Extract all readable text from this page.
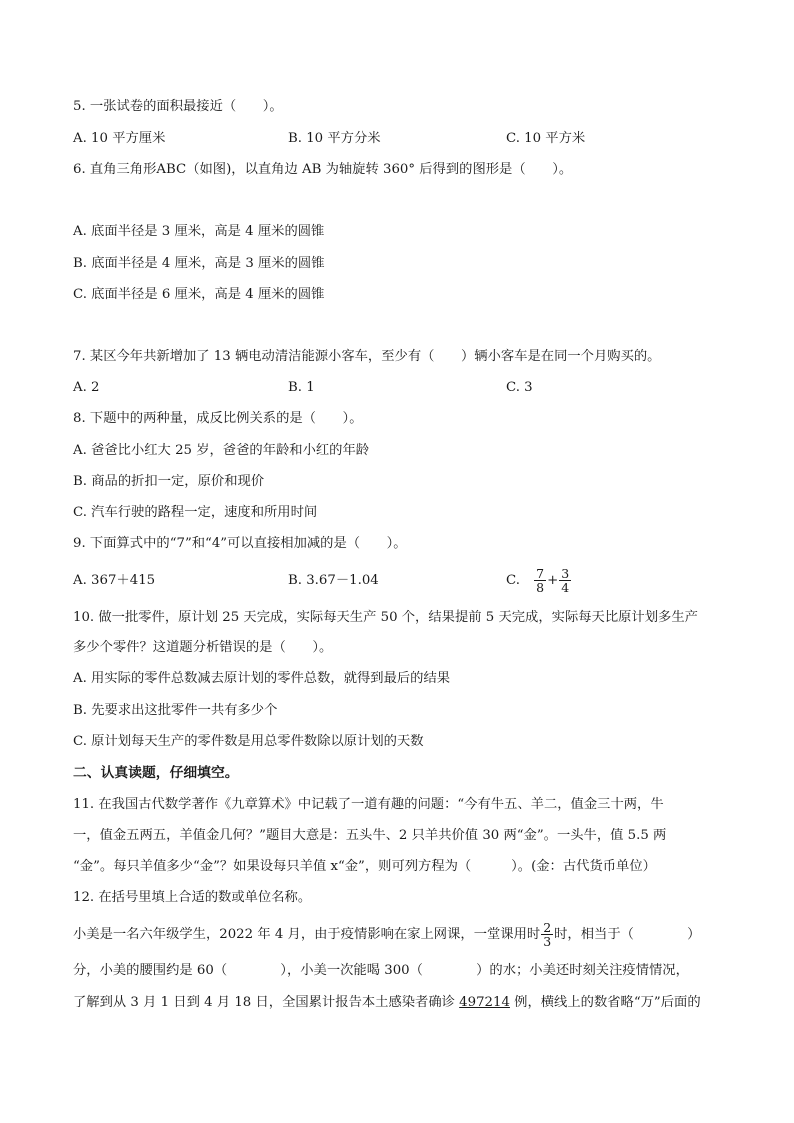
5. 一张试卷的面积最接近（　　）。
A. 10 平方厘米	B. 10 平方分米	C. 10 平方米
6. 直角三角形ABC（如图)，以直角边 AB 为轴旋转 360° 后得到的图形是（　　）。
A. 底面半径是 3 厘米，高是 4 厘米的圆锥
B. 底面半径是 4 厘米，高是 3 厘米的圆锥
C. 底面半径是 6 厘米，高是 4 厘米的圆锥
7. 某区今年共新增加了 13 辆电动清洁能源小客车，至少有（　　）辆小客车是在同一个月购买的。
A. 2	B. 1	C. 3
8. 下题中的两种量，成反比例关系的是（　　）。
A. 爸爸比小红大 25 岁，爸爸的年龄和小红的年龄
B. 商品的折扣一定，原价和现价
C. 汽车行驶的路程一定，速度和所用时间
9. 下面算式中的“7”和“4”可以直接相加减的是（　　）。
A. 367＋415	B. 3.67－1.04	C. $\frac{7}{8} + \frac{3}{4}$
10. 做一批零件，原计划 25 天完成，实际每天生产 50 个，结果提前 5 天完成，实际每天比原计划多生产
多少个零件？这道题分析错误的是（　　）。
A. 用实际的零件总数减去原计划的零件总数，就得到最后的结果
B. 先要求出这批零件一共有多少个
C. 原计划每天生产的零件数是用总零件数除以原计划的天数
二、认真读题，仔细填空。
11. 在我国古代数学著作《九章算术》中记载了一道有趣的问题：“今有牛五、羊二，值金三十两，牛
一，值金五两五，羊值金几何？”题目大意是：五头牛、2 只羊共价值 30 两“金”。一头牛，值 5.5 两
“金”。每只羊值多少“金”？如果设每只羊值 x“金”，则可列方程为（　　　）。(金：古代货币单位）
12. 在括号里填上合适的数或单位名称。
小美是一名六年级学生，2022 年 4 月，由于疫情影响在家上网课，一堂课用时 $\frac{2}{3}$ 时，相当于（　　　　）
分，小美的腰围约是 60（　　　　），小美一次能喝 300（　　　　）的水；小美还时刻关注疫情情况，
了解到从 3 月 1 日到 4 月 18 日，全国累计报告本土感染者确诊 497214 例，横线上的数省略“万”后面的
